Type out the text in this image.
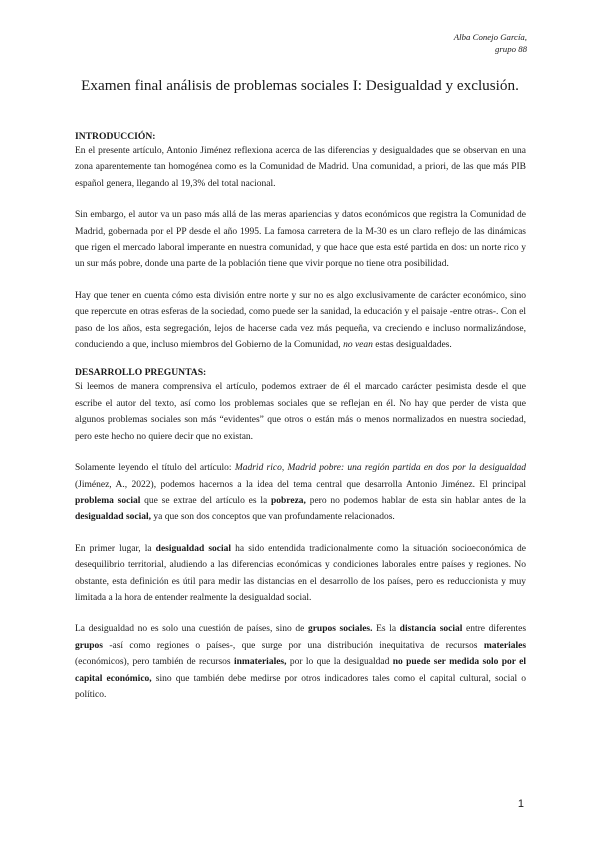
Alba Conejo García,
grupo 88
Examen final análisis de problemas sociales I: Desigualdad y exclusión.
INTRODUCCIÓN:

En el presente artículo, Antonio Jiménez reflexiona acerca de las diferencias y desigualdades que se observan en una zona aparentemente tan homogénea como es la Comunidad de Madrid. Una comunidad, a priori, de las que más PIB español genera, llegando al 19,3% del total nacional.

Sin embargo, el autor va un paso más allá de las meras apariencias y datos económicos que registra la Comunidad de Madrid, gobernada por el PP desde el año 1995. La famosa carretera de la M-30 es un claro reflejo de las dinámicas que rigen el mercado laboral imperante en nuestra comunidad, y que hace que esta esté partida en dos: un norte rico y un sur más pobre, donde una parte de la población tiene que vivir porque no tiene otra posibilidad.

Hay que tener en cuenta cómo esta división entre norte y sur no es algo exclusivamente de carácter económico, sino que repercute en otras esferas de la sociedad, como puede ser la sanidad, la educación y el paisaje -entre otras-. Con el paso de los años, esta segregación, lejos de hacerse cada vez más pequeña, va creciendo e incluso normalizándose, conduciendo a que, incluso miembros del Gobierno de la Comunidad, no vean estas desigualdades.

DESARROLLO PREGUNTAS:

Si leemos de manera comprensiva el artículo, podemos extraer de él el marcado carácter pesimista desde el que escribe el autor del texto, así como los problemas sociales que se reflejan en él. No hay que perder de vista que algunos problemas sociales son más “evidentes” que otros o están más o menos normalizados en nuestra sociedad, pero este hecho no quiere decir que no existan.

Solamente leyendo el título del artículo: Madrid rico, Madrid pobre: una región partida en dos por la desigualdad (Jiménez, A., 2022), podemos hacernos a la idea del tema central que desarrolla Antonio Jiménez. El principal problema social que se extrae del artículo es la pobreza, pero no podemos hablar de esta sin hablar antes de la desigualdad social, ya que son dos conceptos que van profundamente relacionados.

En primer lugar, la desigualdad social ha sido entendida tradicionalmente como la situación socioeconómica de desequilibrio territorial, aludiendo a las diferencias económicas y condiciones laborales entre países y regiones. No obstante, esta definición es útil para medir las distancias en el desarrollo de los países, pero es reduccionista y muy limitada a la hora de entender realmente la desigualdad social.

La desigualdad no es solo una cuestión de países, sino de grupos sociales. Es la distancia social entre diferentes grupos -así como regiones o países-, que surge por una distribución inequitativa de recursos materiales (económicos), pero también de recursos inmateriales, por lo que la desigualdad no puede ser medida solo por el capital económico, sino que también debe medirse por otros indicadores tales como el capital cultural, social o político.

1
